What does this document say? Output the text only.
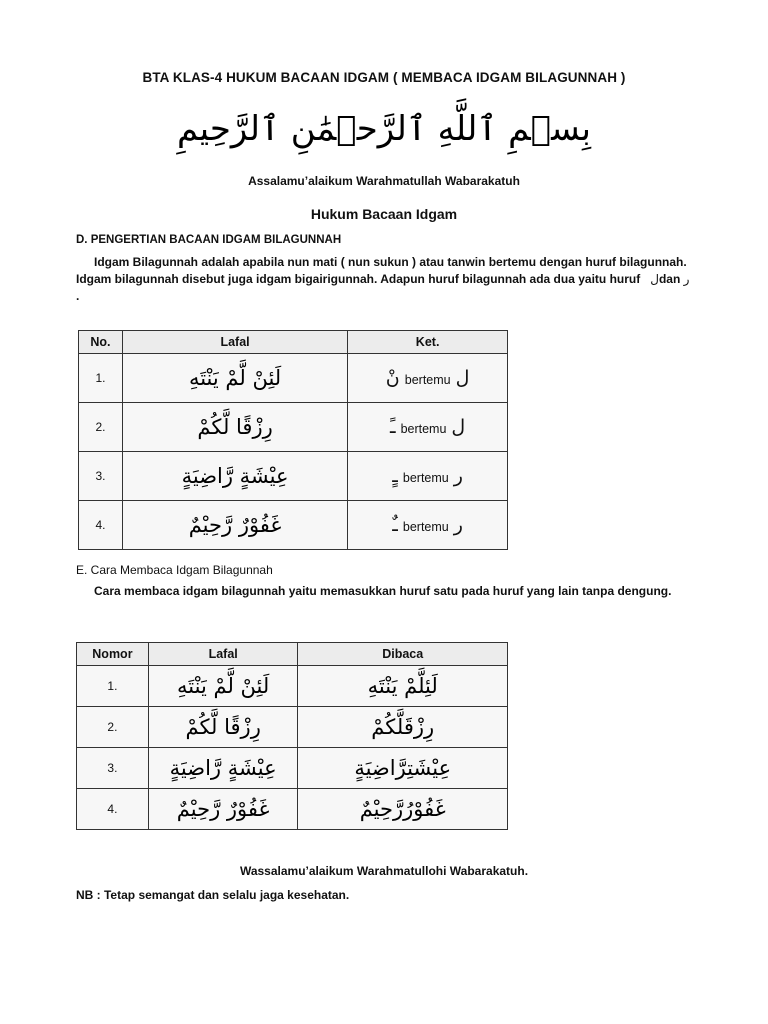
BTA KLAS-4 HUKUM BACAAN IDGAM ( MEMBACA IDGAM BILAGUNNAH )
بِسۡمِ ٱللَّهِ ٱلرَّحۡمَٰنِ ٱلرَّحِيمِ
Assalamu’alaikum Warahmatullah Wabarakatuh
Hukum Bacaan Idgam
D. PENGERTIAN BACAAN IDGAM BILAGUNNAH
Idgam Bilagunnah adalah apabila nun mati ( nun sukun ) atau tanwin bertemu dengan huruf bilagunnah. Idgam bilagunnah disebut juga idgam bigairigunnah. Adapun huruf bilagunnah ada dua yaitu huruf لdan ر .
No.	Lafal	Ket.
1.	لَئِنْ لَّمْ يَنْتَهِ	نْ bertemu ل
2.	رِزْقًا لَّكُمْ	ـً bertemu ل
3.	عِيْشَةٍ رَّاضِيَةٍ	ـٍ bertemu ر
4.	غَفُوْرٌ رَّحِيْمٌ	ـٌ bertemu ر
E. Cara Membaca Idgam Bilagunnah
Cara membaca idgam bilagunnah yaitu memasukkan huruf satu pada huruf yang lain tanpa dengung.
Nomor	Lafal	Dibaca
1.	لَئِنْ لَّمْ يَنْتَهِ	لَئِلَّمْ يَنْتَهِ
2.	رِزْقًا لَّكُمْ	رِزْقَلَّكُمْ
3.	عِيْشَةٍ رَّاضِيَةٍ	عِيْشَتِرَّاضِيَةٍ
4.	غَفُوْرٌ رَّحِيْمٌ	غَفُوْرُرَّحِيْمٌ
Wassalamu’alaikum Warahmatullohi Wabarakatuh.
NB : Tetap semangat dan selalu jaga kesehatan.
